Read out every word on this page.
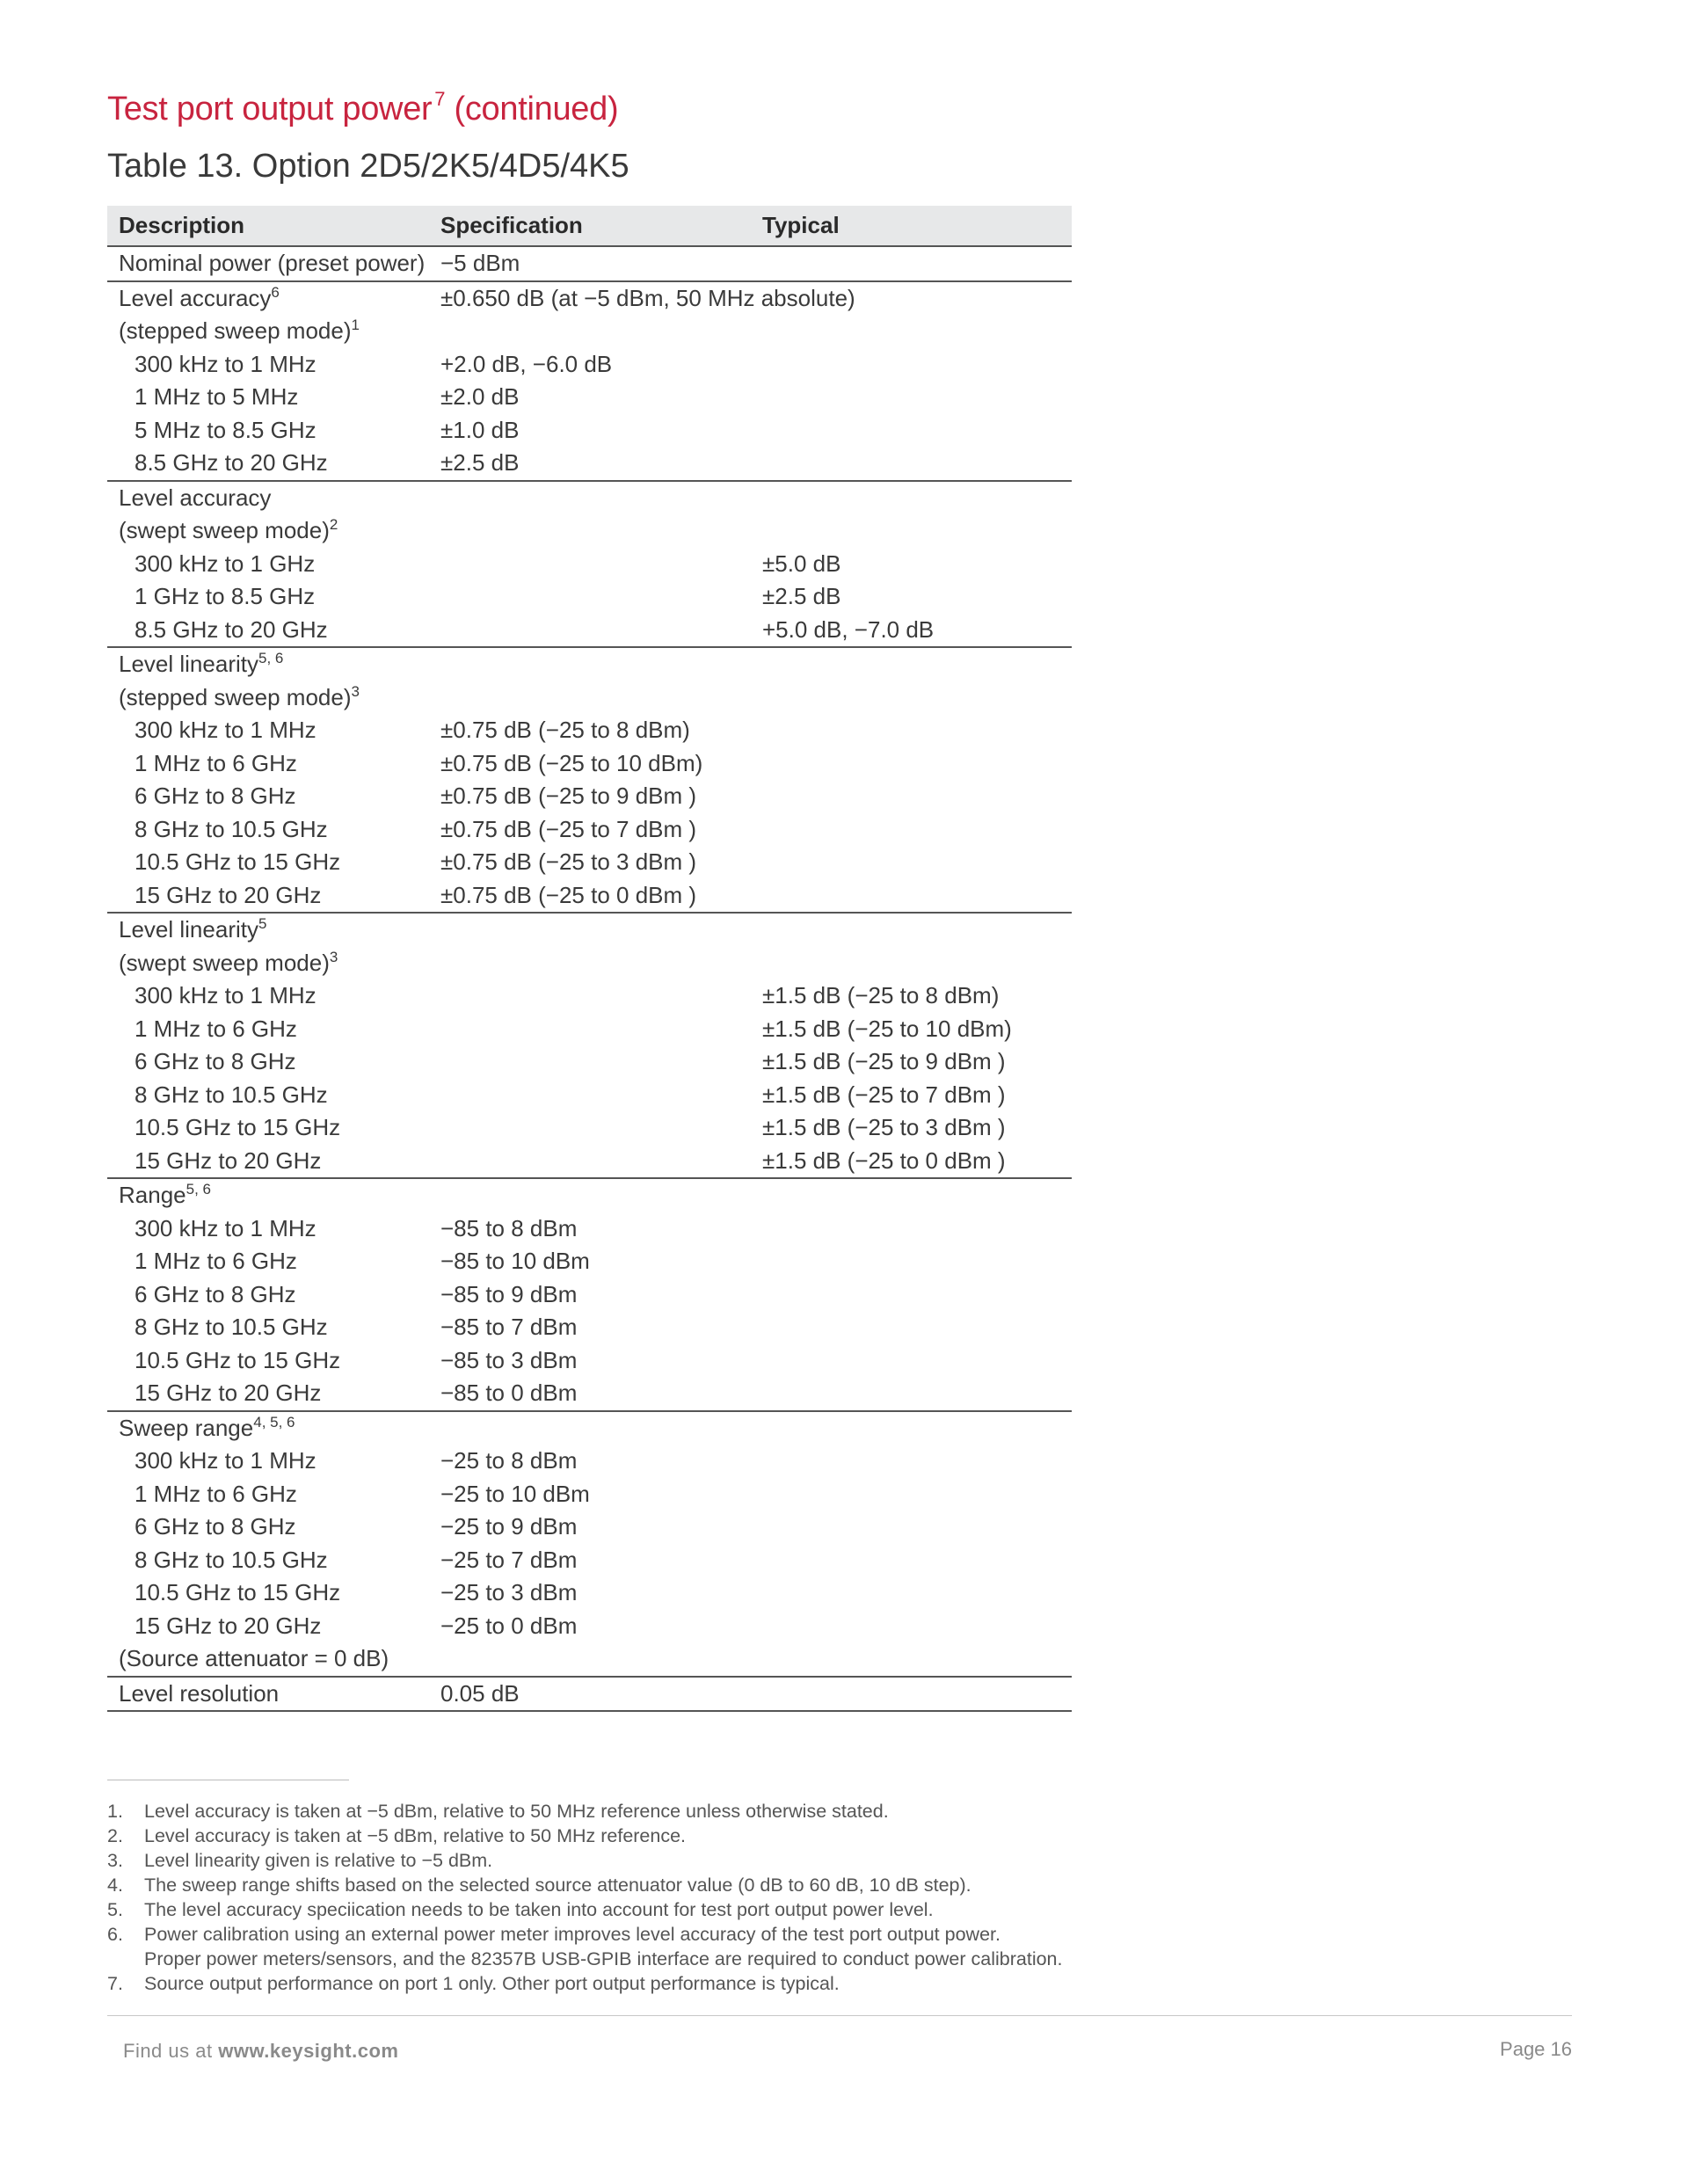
Test port output power  $^7$ (continued)
Table 13. Option 2D5/2K5/4D5/4K5
Description	Specification	Typical
Nominal power (preset power)	−5 dBm	
Level accuracy$^6$	±0.650 dB (at −5 dBm, 50 MHz absolute)	
(stepped sweep mode)$^1$		
300 kHz to 1 MHz	+2.0 dB, −6.0 dB	
1 MHz to 5 MHz	±2.0 dB	
5 MHz to 8.5 GHz	±1.0 dB	
8.5 GHz to 20 GHz	±2.5 dB	
Level accuracy		
(swept sweep mode)$^2$		
300 kHz to 1 GHz		±5.0 dB
1 GHz to 8.5 GHz		±2.5 dB
8.5 GHz to 20 GHz		+5.0 dB, −7.0 dB
Level linearity$^{5, 6}$		
(stepped sweep mode)$^3$		
300 kHz to 1 MHz	±0.75 dB (−25 to 8 dBm)	
1 MHz to 6 GHz	±0.75 dB (−25 to 10 dBm)	
6 GHz to 8 GHz	±0.75 dB (−25 to 9 dBm )	
8 GHz to 10.5 GHz	±0.75 dB (−25 to 7 dBm )	
10.5 GHz to 15 GHz	±0.75 dB (−25 to 3 dBm )	
15 GHz to 20 GHz	±0.75 dB (−25 to 0 dBm )	
Level linearity$^5$		
(swept sweep mode)$^3$		
300 kHz to 1 MHz		±1.5 dB (−25 to 8 dBm)
1 MHz to 6 GHz		±1.5 dB (−25 to 10 dBm)
6 GHz to 8 GHz		±1.5 dB (−25 to 9 dBm )
8 GHz to 10.5 GHz		±1.5 dB (−25 to 7 dBm )
10.5 GHz to 15 GHz		±1.5 dB (−25 to 3 dBm )
15 GHz to 20 GHz		±1.5 dB (−25 to 0 dBm )
Range$^{5, 6}$		
300 kHz to 1 MHz	−85 to 8 dBm	
1 MHz to 6 GHz	−85 to 10 dBm	
6 GHz to 8 GHz	−85 to 9 dBm	
8 GHz to 10.5 GHz	−85 to 7 dBm	
10.5 GHz to 15 GHz	−85 to 3 dBm	
15 GHz to 20 GHz	−85 to 0 dBm	
Sweep range$^{4, 5, 6}$		
300 kHz to 1 MHz	−25 to 8 dBm	
1 MHz to 6 GHz	−25 to 10 dBm	
6 GHz to 8 GHz	−25 to 9 dBm	
8 GHz to 10.5 GHz	−25 to 7 dBm	
10.5 GHz to 15 GHz	−25 to 3 dBm	
15 GHz to 20 GHz	−25 to 0 dBm	
(Source attenuator = 0 dB)		
Level resolution	0.05 dB	
1.	Level accuracy is taken at −5 dBm, relative to 50 MHz reference unless otherwise stated.
2.	Level accuracy is taken at −5 dBm, relative to 50 MHz reference.
3.	Level linearity given is relative to −5 dBm.
4.	The sweep range shifts based on the selected source attenuator value (0 dB to 60 dB, 10 dB step).
5.	The level accuracy speciication needs to be taken into account for test port output power level.
6.	Power calibration using an external power meter improves level accuracy of the test port output power.
Proper power meters/sensors, and the 82357B USB-GPIB interface are required to conduct power calibration.
7.	Source output performance on port 1 only. Other port output performance is typical.
Find us at www.keysight.com	Page 16
